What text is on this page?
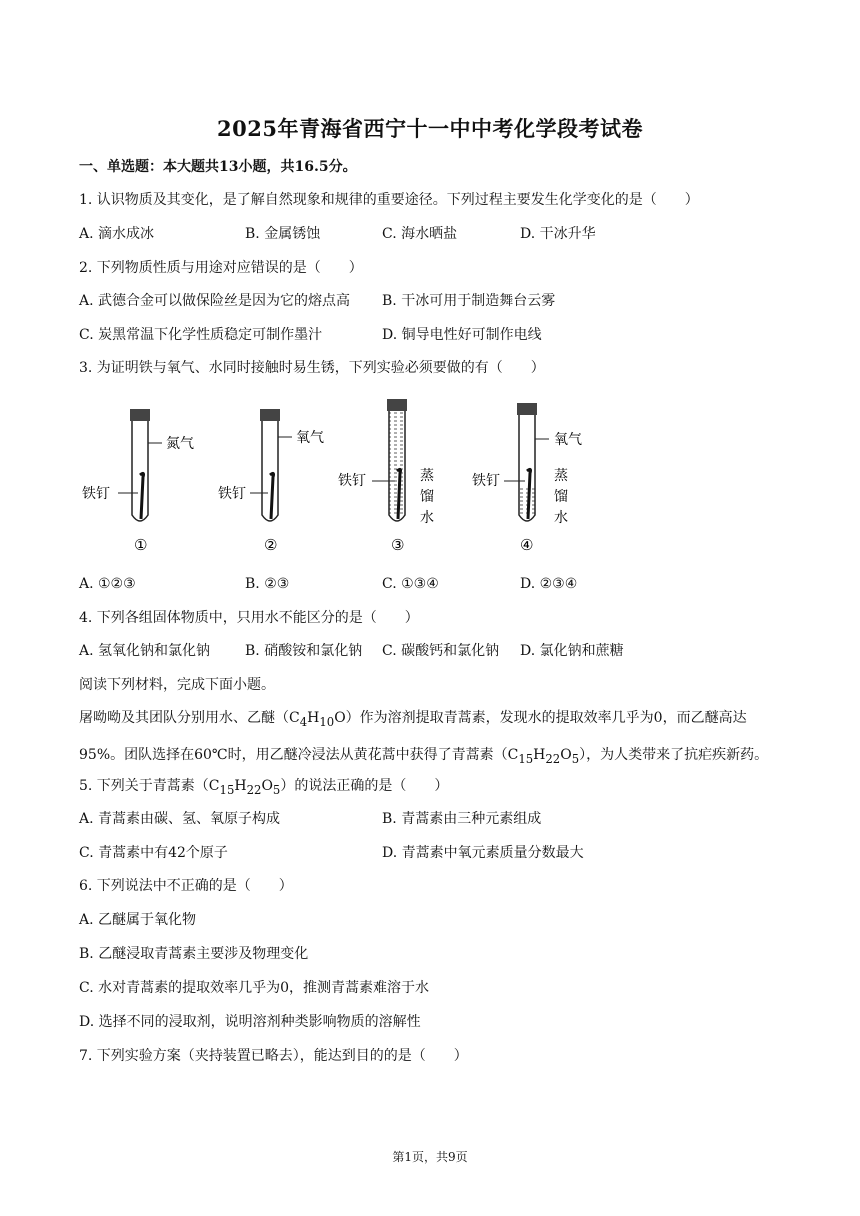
2025年青海省西宁十一中中考化学段考试卷
一、单选题：本大题共13小题，共16.5分。
1. 认识物质及其变化，是了解自然现象和规律的重要途径。下列过程主要发生化学变化的是（　　）
A. 滴水成冰	B. 金属锈蚀	C. 海水晒盐	D. 干冰升华
2. 下列物质性质与用途对应错误的是（　　）
A. 武德合金可以做保险丝是因为它的熔点高 B. 干冰可用于制造舞台云雾
C. 炭黑常温下化学性质稳定可制作墨汁	D. 铜导电性好可制作电线
3. 为证明铁与氧气、水同时接触时易生锈，下列实验必须要做的有（　　）
氮气
铁钉
①
氧气
铁钉
②
铁钉	蒸
馏
水
③
氧气
铁钉	蒸
馏
水
④
A. ①②③	B. ②③	C. ①③④	D. ②③④
4. 下列各组固体物质中，只用水不能区分的是（　　）
A. 氢氧化钠和氯化钠 B. 硝酸铵和氯化钠 C. 碳酸钙和氯化钠 D. 氯化钠和蔗糖
阅读下列材料，完成下面小题。
屠呦呦及其团队分别用水、乙醚$(C_4H_{10}O)$作为溶剂提取青蒿素，发现水的提取效率几乎为0，而乙醚高达95%。团队选择在60℃时，用乙醚冷浸法从黄花蒿中获得了青蒿素$(C_{15}H_{22}O_5)$，为人类带来了抗疟疾新药。
5. 下列关于青蒿素$(C_{15}H_{22}O_5)$的说法正确的是（　　）
A. 青蒿素由碳、氢、氧原子构成	B. 青蒿素由三种元素组成
C. 青蒿素中有42个原子	D. 青蒿素中氧元素质量分数最大
6. 下列说法中不正确的是（　　）
A. 乙醚属于氧化物
B. 乙醚浸取青蒿素主要涉及物理变化
C. 水对青蒿素的提取效率几乎为0，推测青蒿素难溶于水
D. 选择不同的浸取剂，说明溶剂种类影响物质的溶解性
7. 下列实验方案（夹持装置已略去），能达到目的的是（　　）
第1页，共9页
